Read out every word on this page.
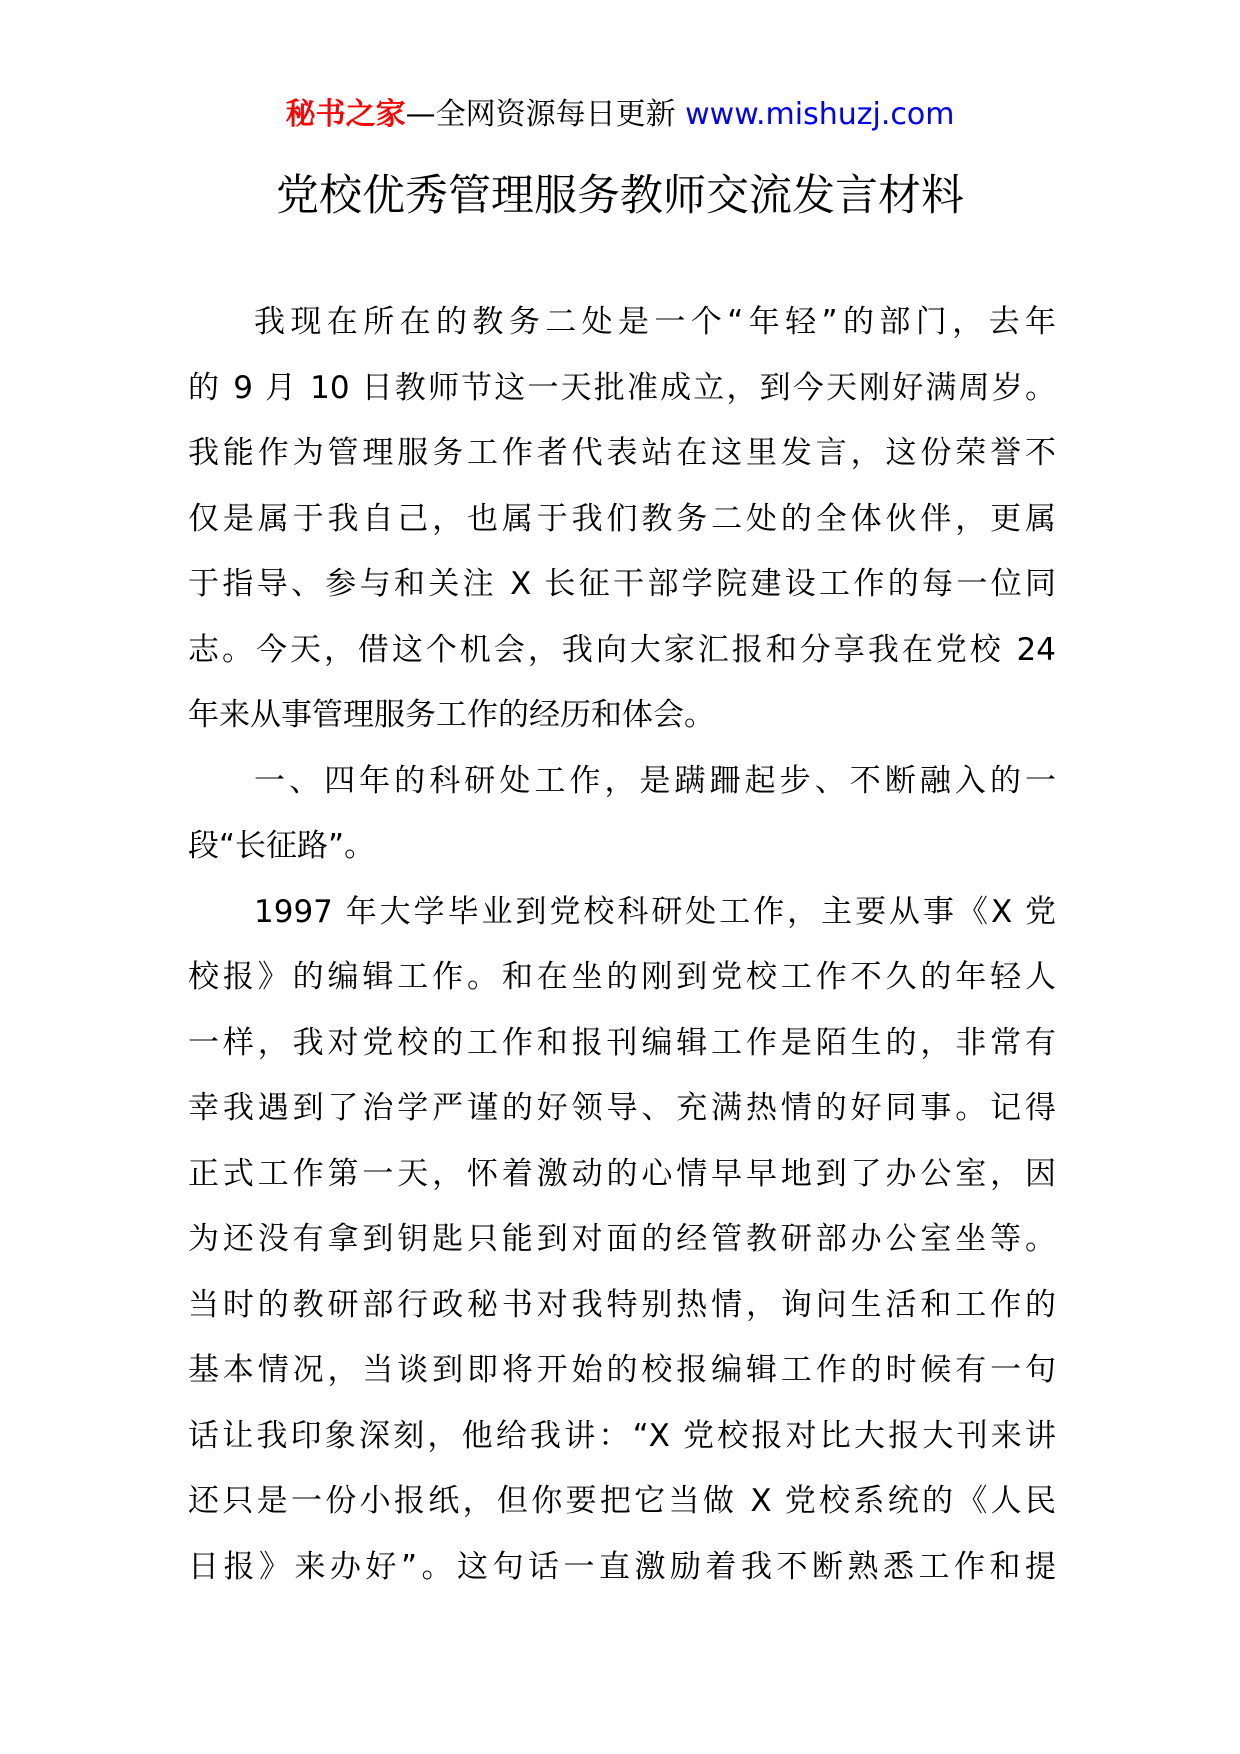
秘书之家—全网资源每日更新 www.mishuzj.com
党校优秀管理服务教师交流发言材料
我现在所在的教务二处是一个“年轻”的部门，去年
的 9 月 10 日教师节这一天批准成立，到今天刚好满周岁。
我能作为管理服务工作者代表站在这里发言，这份荣誉不
仅是属于我自己，也属于我们教务二处的全体伙伴，更属
于指导、参与和关注 X 长征干部学院建设工作的每一位同
志。今天，借这个机会，我向大家汇报和分享我在党校 24
年来从事管理服务工作的经历和体会。
一、四年的科研处工作，是蹒跚起步、不断融入的一
段“长征路”。
1997 年大学毕业到党校科研处工作，主要从事《X 党
校报》的编辑工作。和在坐的刚到党校工作不久的年轻人
一样，我对党校的工作和报刊编辑工作是陌生的，非常有
幸我遇到了治学严谨的好领导、充满热情的好同事。记得
正式工作第一天，怀着激动的心情早早地到了办公室，因
为还没有拿到钥匙只能到对面的经管教研部办公室坐等。
当时的教研部行政秘书对我特别热情，询问生活和工作的
基本情况，当谈到即将开始的校报编辑工作的时候有一句
话让我印象深刻，他给我讲：“X 党校报对比大报大刊来讲
还只是一份小报纸，但你要把它当做 X 党校系统的《人民
日报》来办好”。这句话一直激励着我不断熟悉工作和提
